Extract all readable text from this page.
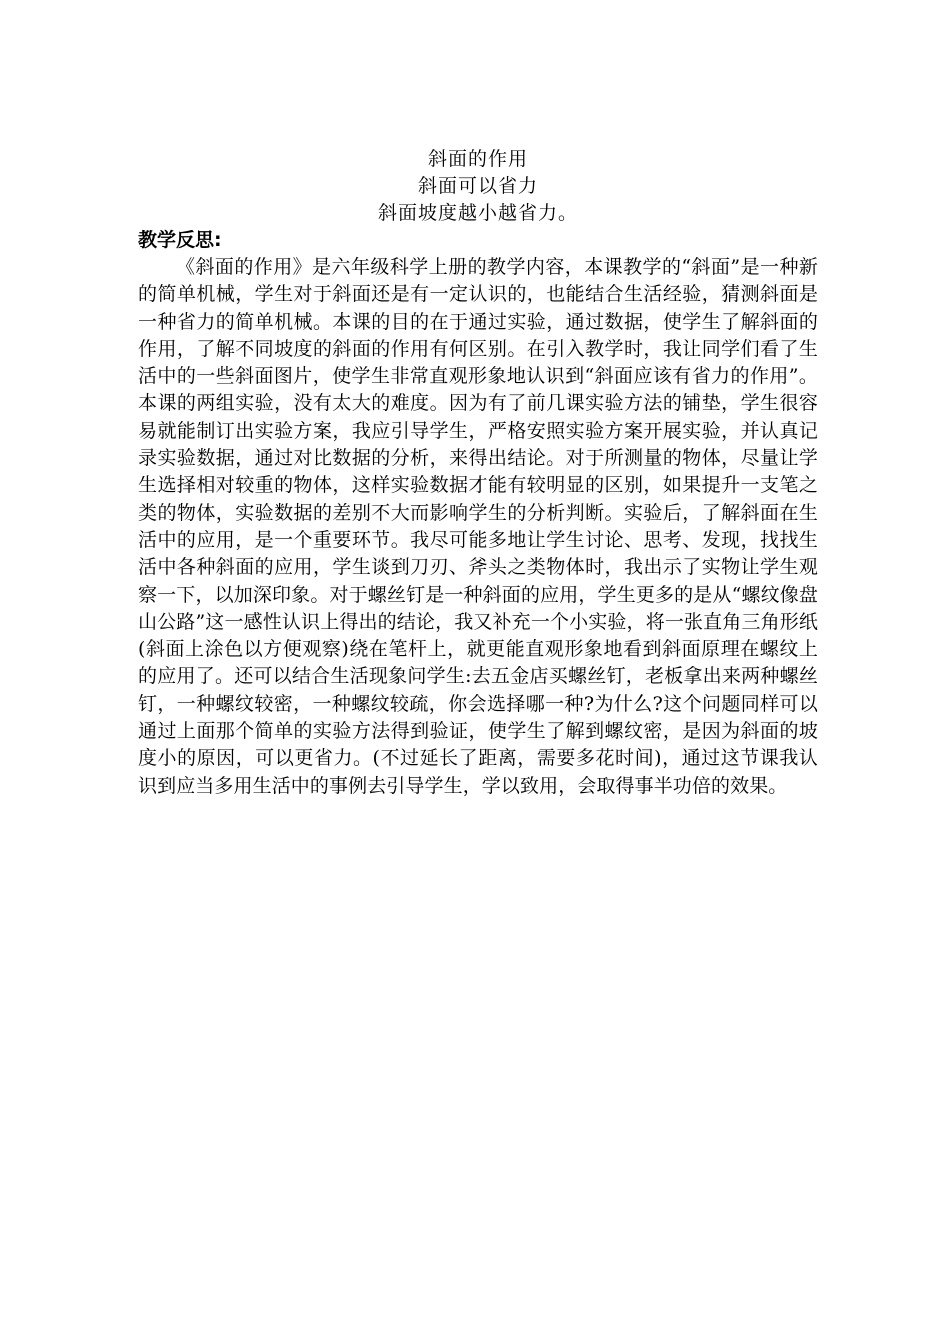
斜面的作用
斜面可以省力
斜面坡度越小越省力。
教学反思:

《斜面的作用》是六年级科学上册的教学内容，本课教学的“斜面”是一种新的简单机械，学生对于斜面还是有一定认识的，也能结合生活经验，猜测斜面是一种省力的简单机械。本课的目的在于通过实验，通过数据，使学生了解斜面的作用，了解不同坡度的斜面的作用有何区别。在引入教学时，我让同学们看了生活中的一些斜面图片，使学生非常直观形象地认识到“斜面应该有省力的作用”。本课的两组实验，没有太大的难度。因为有了前几课实验方法的铺垫，学生很容易就能制订出实验方案，我应引导学生，严格安照实验方案开展实验，并认真记录实验数据，通过对比数据的分析，来得出结论。对于所测量的物体，尽量让学生选择相对较重的物体，这样实验数据才能有较明显的区别，如果提升一支笔之类的物体，实验数据的差别不大而影响学生的分析判断。实验后，了解斜面在生活中的应用，是一个重要环节。我尽可能多地让学生讨论、思考、发现，找找生活中各种斜面的应用，学生谈到刀刃、斧头之类物体时，我出示了实物让学生观察一下，以加深印象。对于螺丝钉是一种斜面的应用，学生更多的是从“螺纹像盘山公路”这一感性认识上得出的结论，我又补充一个小实验，将一张直角三角形纸(斜面上涂色以方便观察)绕在笔杆上，就更能直观形象地看到斜面原理在螺纹上的应用了。还可以结合生活现象问学生:去五金店买螺丝钉，老板拿出来两种螺丝钉，一种螺纹较密，一种螺纹较疏，你会选择哪一种?为什么?这个问题同样可以通过上面那个简单的实验方法得到验证，使学生了解到螺纹密，是因为斜面的坡度小的原因，可以更省力。(不过延长了距离，需要多花时间)，通过这节课我认识到应当多用生活中的事例去引导学生，学以致用，会取得事半功倍的效果。
